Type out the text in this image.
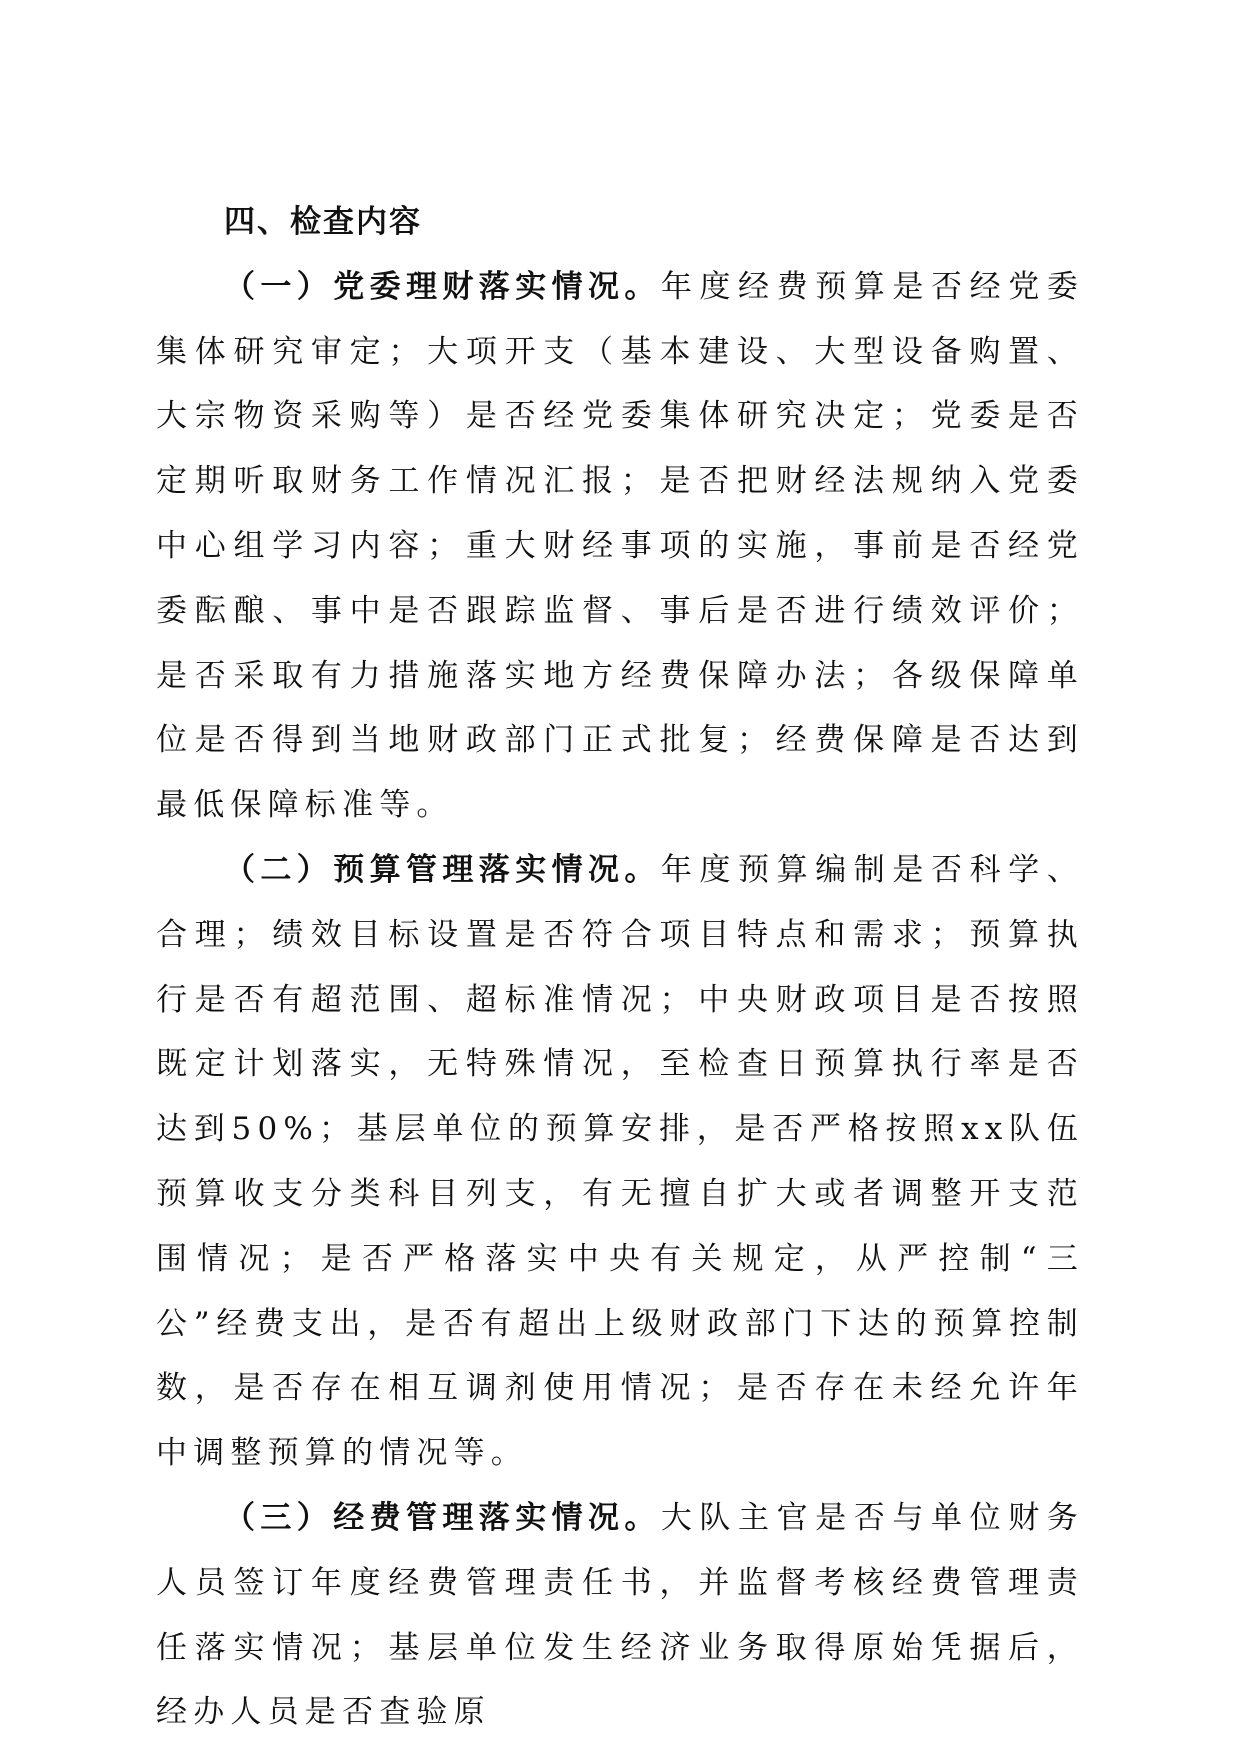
四、检查内容

（一）党委理财落实情况。年度经费预算是否经党委集体研究审定；大项开支（基本建设、大型设备购置、大宗物资采购等）是否经党委集体研究决定；党委是否定期听取财务工作情况汇报；是否把财经法规纳入党委中心组学习内容；重大财经事项的实施，事前是否经党委酝酿、事中是否跟踪监督、事后是否进行绩效评价；是否采取有力措施落实地方经费保障办法；各级保障单位是否得到当地财政部门正式批复；经费保障是否达到最低保障标准等。

（二）预算管理落实情况。年度预算编制是否科学、合理；绩效目标设置是否符合项目特点和需求；预算执行是否有超范围、超标准情况；中央财政项目是否按照既定计划落实，无特殊情况，至检查日预算执行率是否达到50%；基层单位的预算安排，是否严格按照xx队伍预算收支分类科目列支，有无擅自扩大或者调整开支范围情况；是否严格落实中央有关规定，从严控制“三公”经费支出，是否有超出上级财政部门下达的预算控制数，是否存在相互调剂使用情况；是否存在未经允许年中调整预算的情况等。

（三）经费管理落实情况。大队主官是否与单位财务人员签订年度经费管理责任书，并监督考核经费管理责任落实情况；基层单位发生经济业务取得原始凭据后，经办人员是否查验原
